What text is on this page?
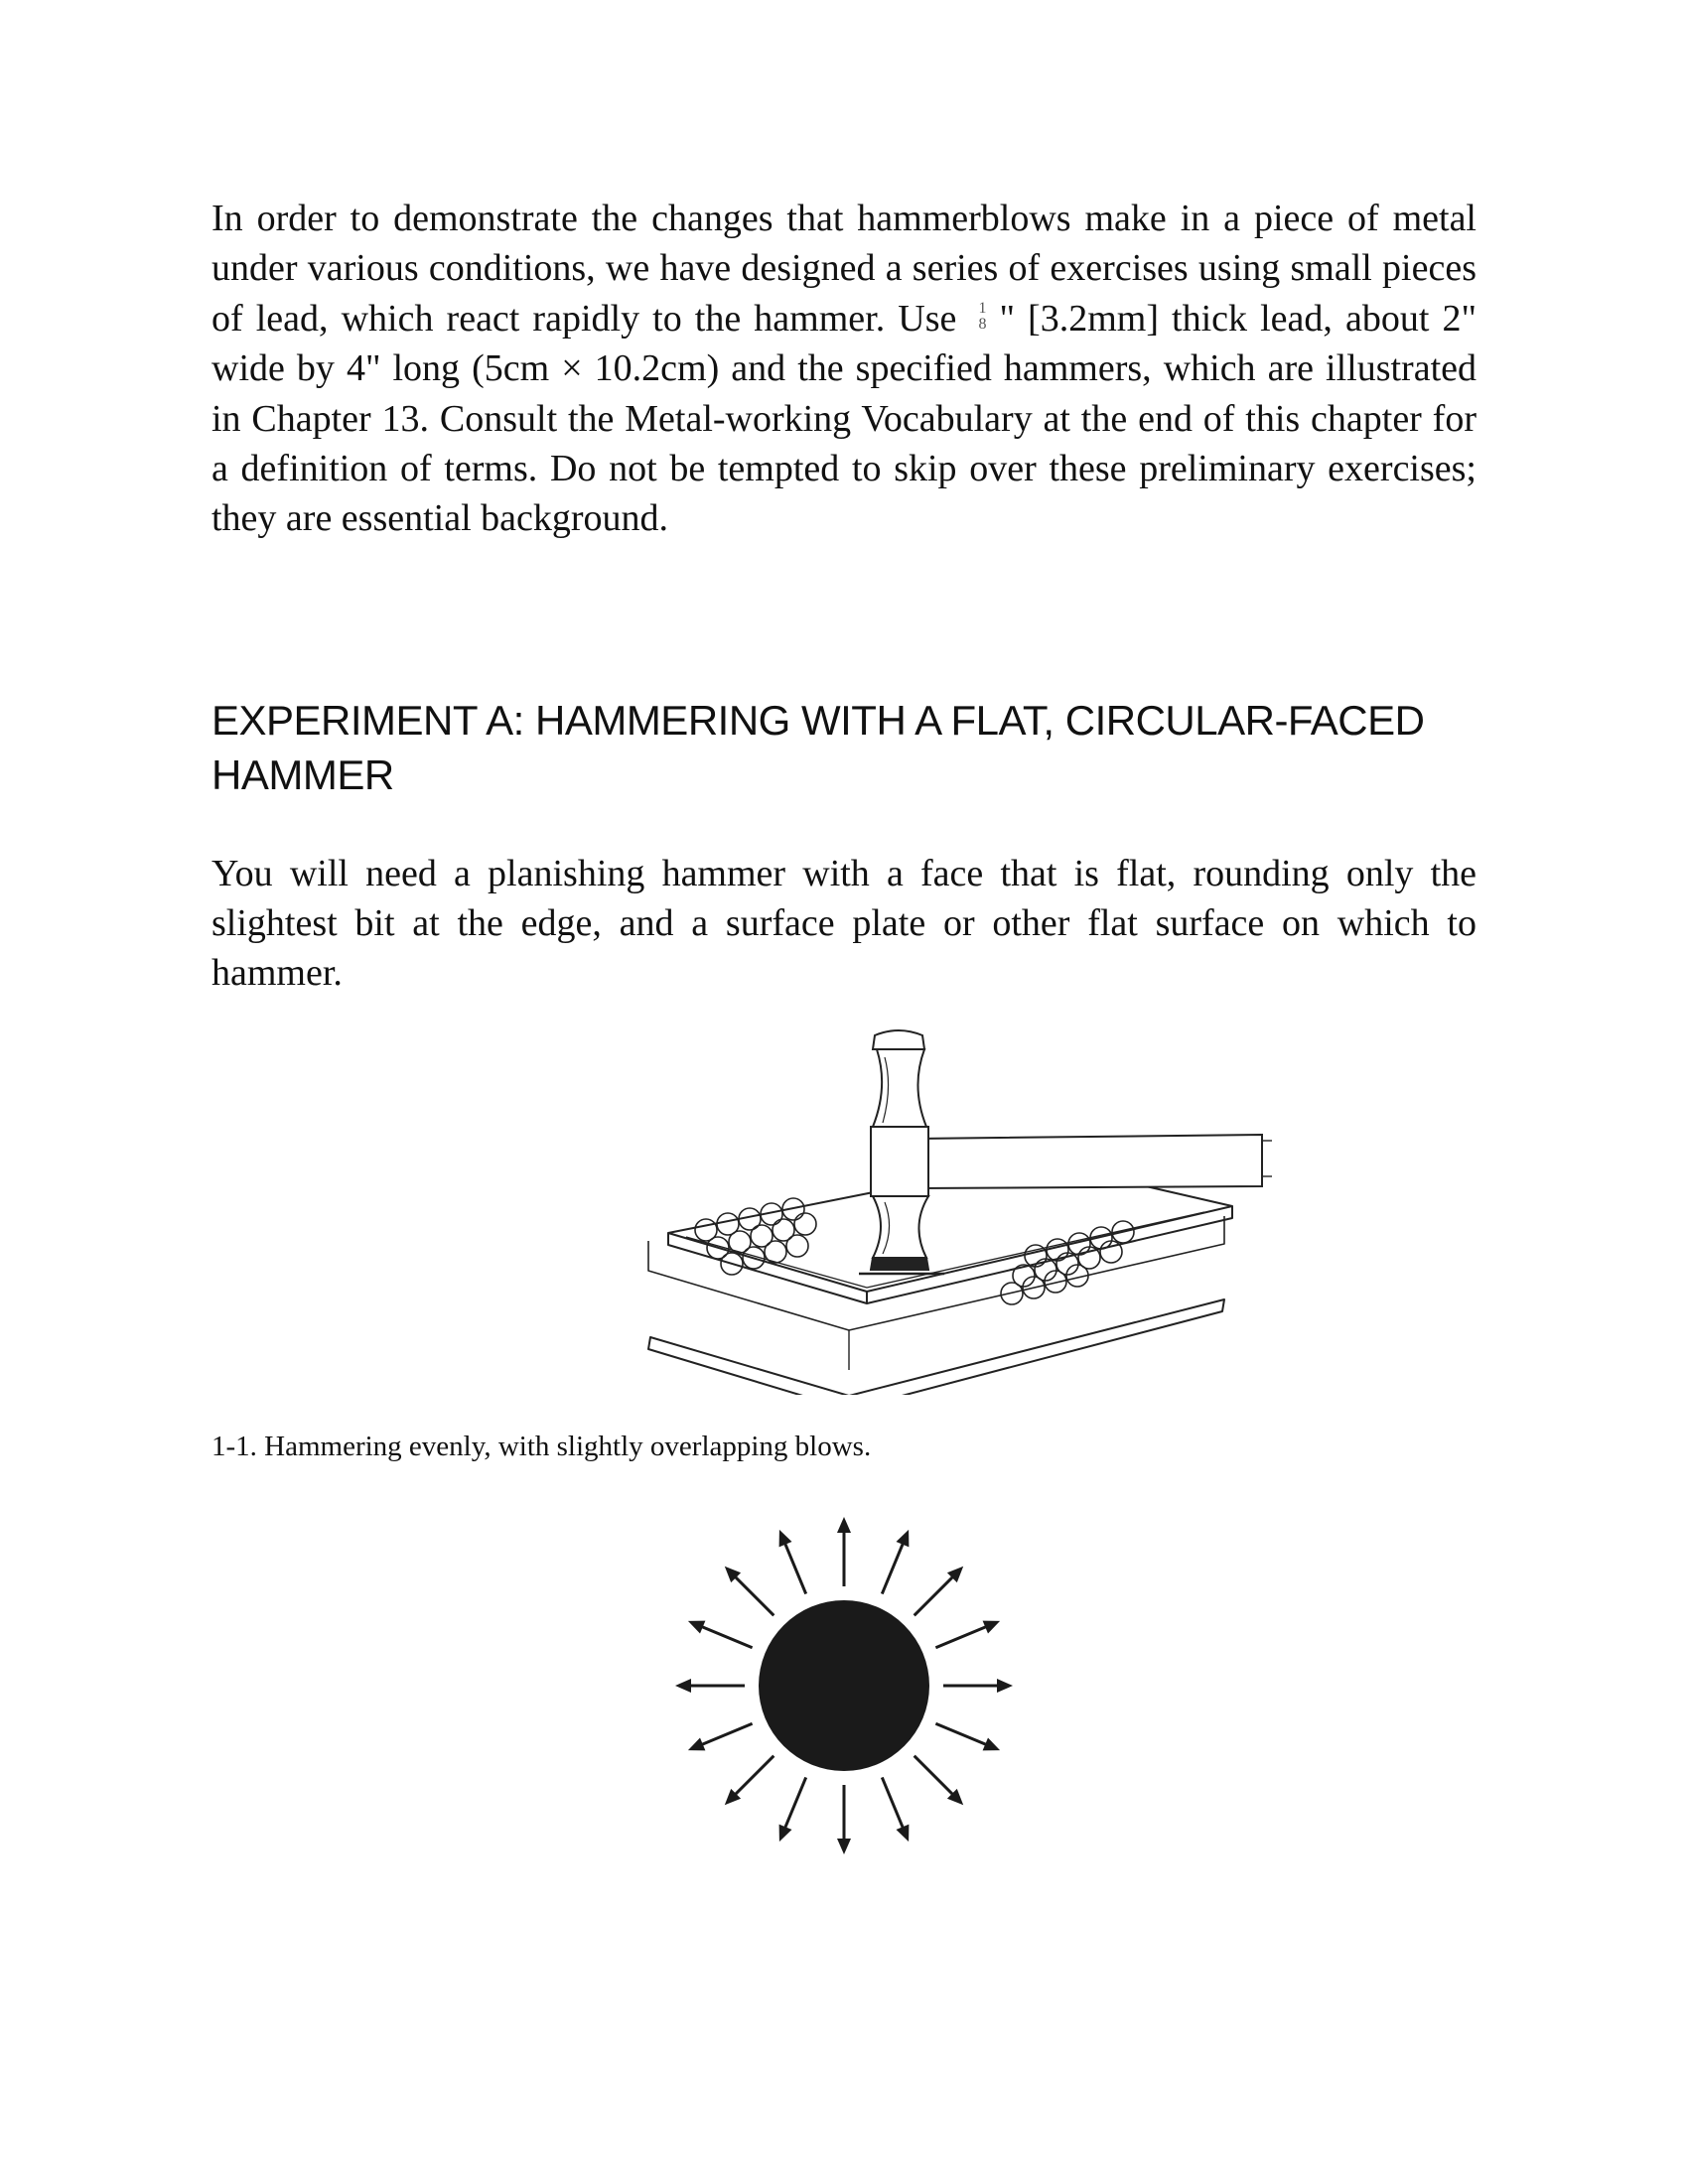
In order to demonstrate the changes that hammerblows make in a piece of metal under various conditions, we have designed a series of exercises using small pieces of lead, which react rapidly to the hammer. Use 1
8 " [3.2mm] thick lead, about 2" wide by 4" long (5cm × 10.2cm) and the specified hammers, which are illustrated in Chapter 13. Consult the Metal-working Vocabulary at the end of this chapter for a definition of terms. Do not be tempted to skip over these preliminary exercises; they are essential background.

EXPERIMENT A: HAMMERING WITH A FLAT, CIRCULAR-FACED HAMMER

You will need a planishing hammer with a face that is flat, rounding only the slightest bit at the edge, and a surface plate or other flat surface on which to hammer.

1-1. Hammering evenly, with slightly overlapping blows.
